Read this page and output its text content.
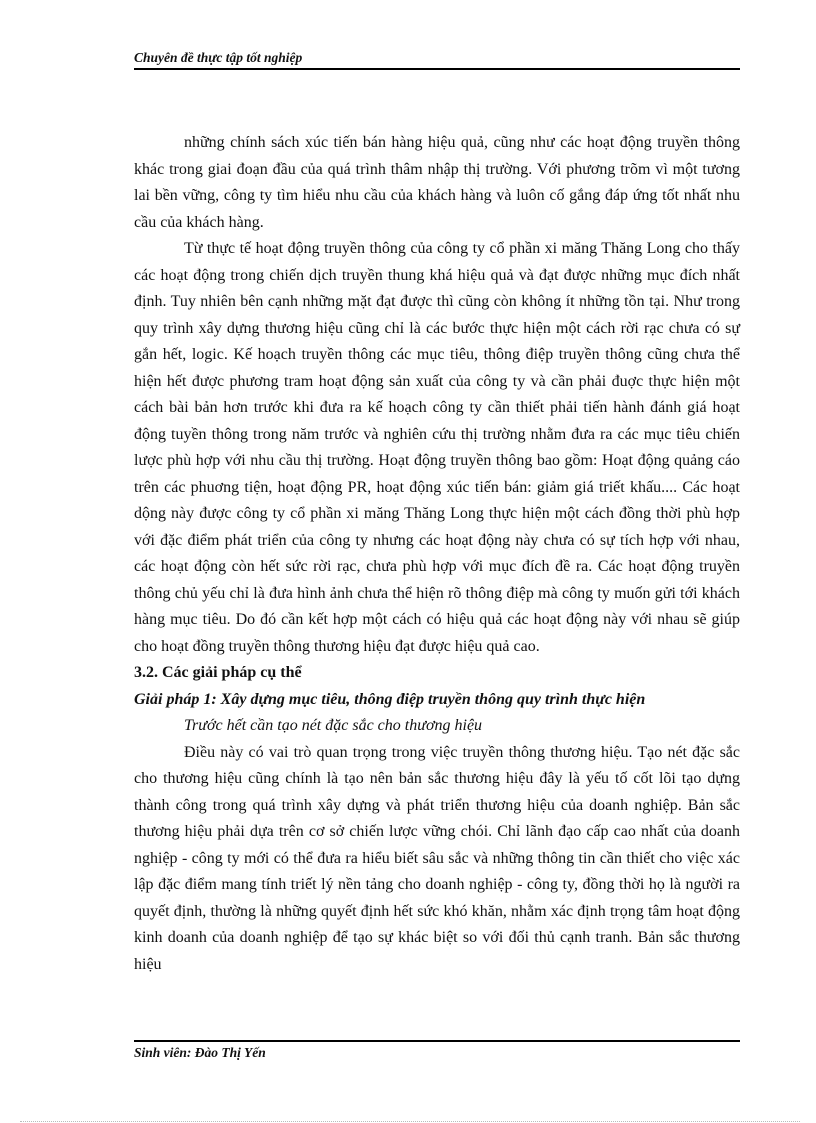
Chuyên đề thực tập tốt nghiệp

những chính sách xúc tiến bán hàng hiệu quả, cũng như các hoạt động truyền thông khác trong giai đoạn đầu của quá trình thâm nhập thị trường. Với phương trõm vì một tương lai bền vững, công ty tìm hiểu nhu cầu của khách hàng và luôn cố gắng đáp ứng tốt nhất nhu cầu của khách hàng.

Từ thực tế hoạt động truyền thông của công ty cổ phần xi măng Thăng Long cho thấy các hoạt động trong chiến dịch truyền thung khá hiệu quả và đạt được những mục đích nhất định. Tuy nhiên bên cạnh những mặt đạt được thì cũng còn không ít những tồn tại. Như trong quy trình xây dựng thương hiệu cũng chỉ là các bước thực hiện một cách rời rạc chưa có sự gắn hết, logic. Kế hoạch truyền thông các mục tiêu, thông điệp truyền thông cũng chưa thể hiện hết được phương tram hoạt động sản xuất của công ty và cần phải đuợc thực hiện một cách bài bản hơn trước khi đưa ra kế hoạch công ty cần thiết phải tiến hành đánh giá hoạt động tuyền thông trong năm trước và nghiên cứu thị trường nhằm đưa ra các mục tiêu chiến lược phù hợp với nhu cầu thị trường. Hoạt động truyền thông bao gồm: Hoạt động quảng cáo trên các phuơng tiện, hoạt động PR, hoạt động xúc tiến bán: giảm giá triết khấu.... Các hoạt dộng này được công ty cổ phần xi măng Thăng Long thực hiện một cách đồng thời phù hợp với đặc điểm phát triển của công ty nhưng các hoạt động này chưa có sự tích hợp với nhau, các hoạt động còn hết sức rời rạc, chưa phù hợp với mục đích đề ra. Các hoạt động truyền thông chủ yếu chỉ là đưa hình ảnh chưa thể hiện rõ thông điệp mà công ty muốn gửi tới khách hàng mục tiêu. Do đó cần kết hợp một cách có hiệu quả các hoạt động này với nhau sẽ giúp cho hoạt đồng truyền thông thương hiệu đạt được hiệu quả cao.

3.2. Các giải pháp cụ thể

Giải pháp 1: Xây dựng mục tiêu, thông điệp truyền thông quy trình thực hiện

Trước hết cần tạo nét đặc sắc cho thương hiệu

Điều này có vai trò quan trọng trong việc truyền thông thương hiệu. Tạo nét đặc sắc cho thương hiệu cũng chính là tạo nên bản sắc thương hiệu đây là yếu tố cốt lõi tạo dựng thành công trong quá trình xây dựng và phát triển thương hiệu của doanh nghiệp. Bản sắc thương hiệu phải dựa trên cơ sở chiến lược vững chói. Chỉ lãnh đạo cấp cao nhất của doanh nghiệp - công ty mới có thể đưa ra hiểu biết sâu sắc và những thông tin cần thiết cho việc xác lập đặc điểm mang tính triết lý nền tảng cho doanh nghiệp - công ty, đồng thời họ là người ra quyết định, thường là những quyết định hết sức khó khăn, nhằm xác định trọng tâm hoạt động kinh doanh của doanh nghiệp để tạo sự khác biệt so với đối thủ cạnh tranh. Bản sắc thương hiệu

Sinh viên: Đào Thị Yến
